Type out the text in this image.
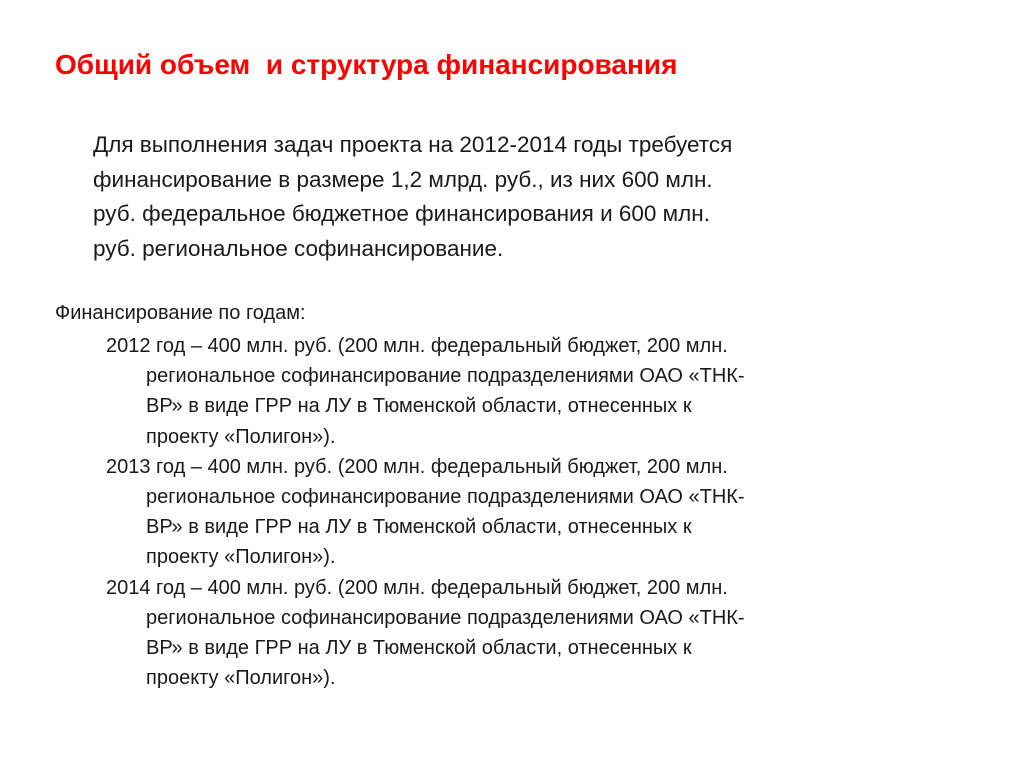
Общий объем  и структура финансирования

Для выполнения задач проекта на 2012-2014 годы требуется
финансирование в размере 1,2 млрд. руб., из них 600 млн.
руб. федеральное бюджетное финансирования и 600 млн.
руб. региональное софинансирование.

Финансирование по годам:

2012 год – 400 млн. руб. (200 млн. федеральный бюджет, 200 млн.
региональное софинансирование подразделениями ОАО «ТНК-
ВР» в виде ГРР на ЛУ в Тюменской области, отнесенных к
проекту «Полигон»).
2013 год – 400 млн. руб. (200 млн. федеральный бюджет, 200 млн.
региональное софинансирование подразделениями ОАО «ТНК-
ВР» в виде ГРР на ЛУ в Тюменской области, отнесенных к
проекту «Полигон»).
2014 год – 400 млн. руб. (200 млн. федеральный бюджет, 200 млн.
региональное софинансирование подразделениями ОАО «ТНК-
ВР» в виде ГРР на ЛУ в Тюменской области, отнесенных к
проекту «Полигон»).
